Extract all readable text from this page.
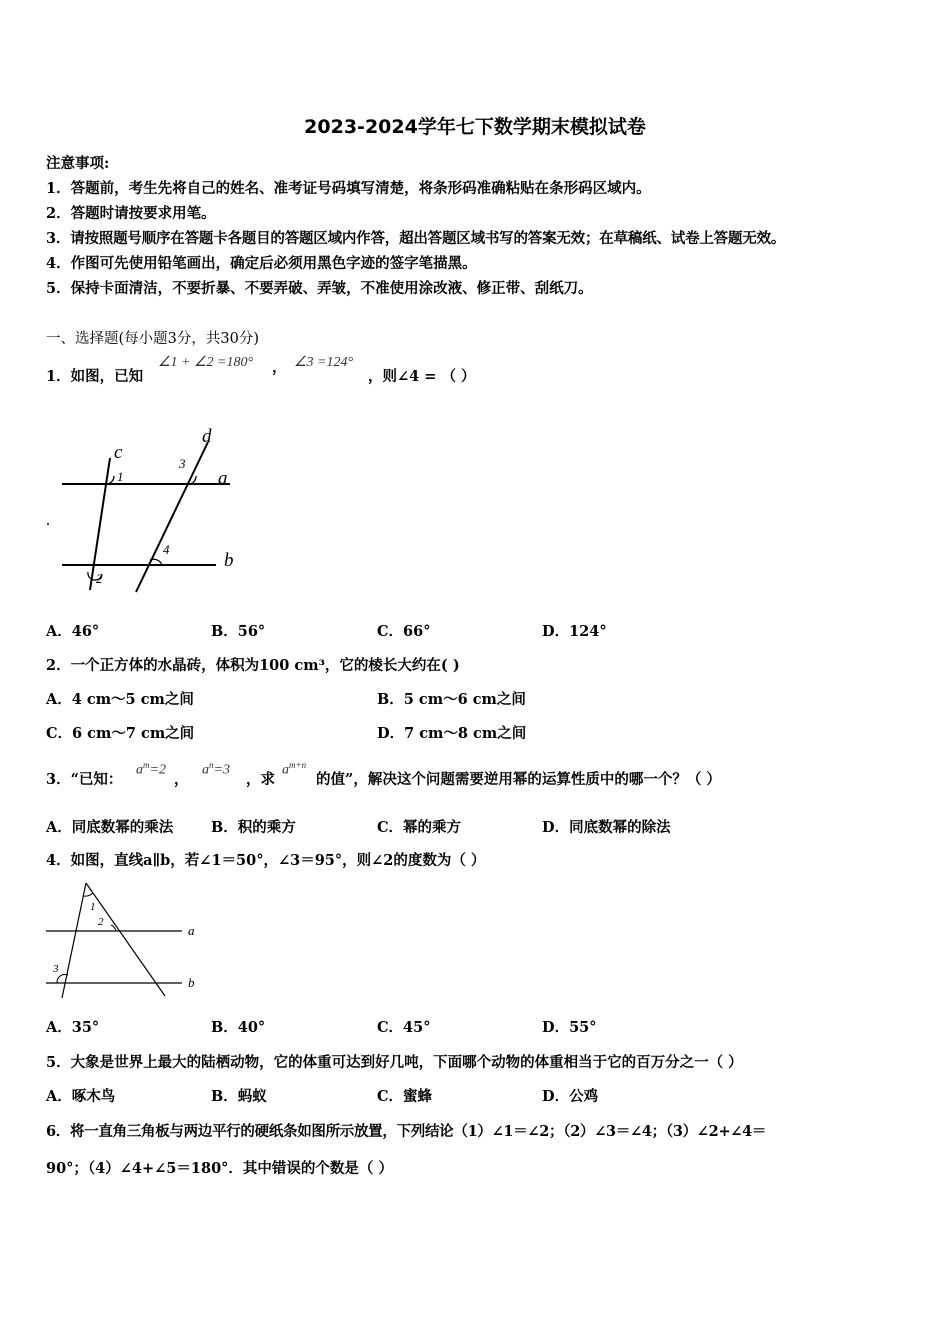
2023-2024学年七下数学期末模拟试卷
注意事项:
1．答题前，考生先将自己的姓名、准考证号码填写清楚，将条形码准确粘贴在条形码区域内。
2．答题时请按要求用笔。
3．请按照题号顺序在答题卡各题目的答题区域内作答，超出答题区域书写的答案无效；在草稿纸、试卷上答题无效。
4．作图可先使用铅笔画出，确定后必须用黑色字迹的签字笔描黑。
5．保持卡面清洁，不要折暴、不要弄破、弄皱，不准使用涂改液、修正带、刮纸刀。
一、选择题(每小题3分，共30分)
1．如图，已知
∠1 + ∠2 =180° ， ∠3 =124°
，则∠4 = （ ）
c
d
a
b
1
2
3
4
A．46°	B．56°	C．66°	D．124°
2．一个正方体的水晶砖，体积为100 cm³，它的棱长大约在( )
A．4 cm～5 cm之间	B．5 cm～6 cm之间
C．6 cm～7 cm之间	D．7 cm～8 cm之间
3．“已知：
$a^m=2$
，
$a^n=3$
，求
$a^{m+n}$
的值”，解决这个问题需要逆用幂的运算性质中的哪一个？（ ）
A．同底数幂的乘法	B．积的乘方	C．幂的乘方	D．同底数幂的除法
4．如图，直线a∥b，若∠1＝50°，∠3＝95°，则∠2的度数为（ ）
a
b
1
2
3
A．35°	B．40°	C．45°	D．55°
5．大象是世界上最大的陆栖动物，它的体重可达到好几吨，下面哪个动物的体重相当于它的百万分之一（ ）
A．啄木鸟	B．蚂蚁	C．蜜蜂	D．公鸡
6．将一直角三角板与两边平行的硬纸条如图所示放置，下列结论（1）∠1＝∠2；（2）∠3＝∠4；（3）∠2+∠4＝
90°；（4）∠4+∠5＝180°．其中错误的个数是（ ）
